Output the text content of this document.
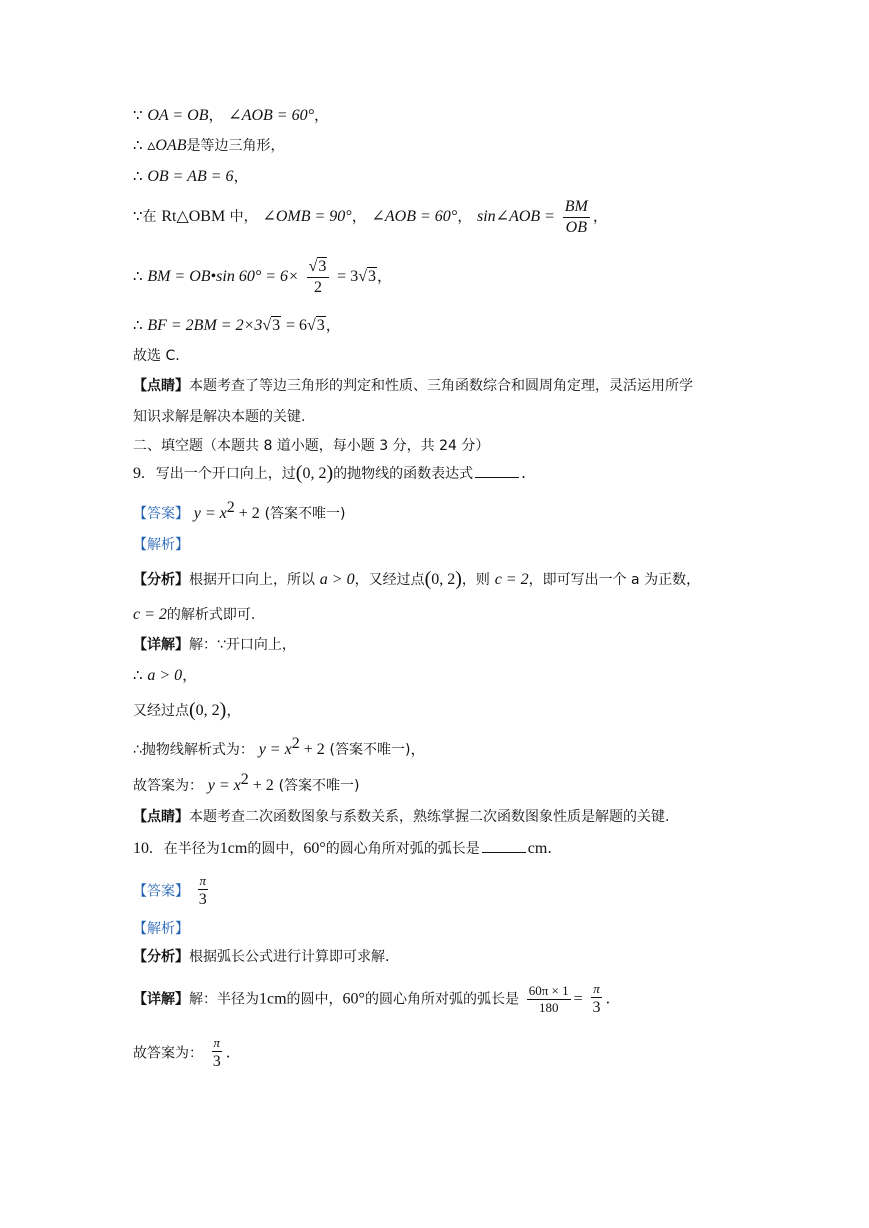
∵ OA = OB， ∠AOB = 60°，
∴ ▵OAB是等边三角形，
∴ OB = AB = 6，
∵在 Rt△OBM 中， ∠OMB = 90°， ∠AOB = 60°， sin∠AOB = $\frac{BM}{OB}$ ，
∴ BM = OB•sin $60^\circ = 6\times \frac{√3}{2} = 3√3$，
∴ BF = 2BM = 2×3√3 = 6√3，
故选 C.
【点睛】本题考查了等边三角形的判定和性质、三角函数综合和圆周角定理，灵活运用所学
知识求解是解决本题的关键.
二、填空题（本题共 8 道小题，每小题 3 分，共 24 分）
9. 写出一个开口向上，过(0, 2)的抛物线的函数表达式	.
【答案】 $y = x^2 + 2$ (答案不唯一)
【解析】
【分析】根据开口向上，所以 a > 0，又经过点(0, 2)，则 c = 2，即可写出一个 a 为正数，
c = 2的解析式即可.
【详解】解：∵开口向上，
∴ a > 0，
又经过点(0, 2)，
∴抛物线解析式为： $y = x^2 + 2$ (答案不唯一)，
故答案为： $y = x^2 + 2$ (答案不唯一)
【点睛】本题考查二次函数图象与系数关系，熟练掌握二次函数图象性质是解题的关键.
10. 在半径为1cm的圆中，60°的圆心角所对弧的弧长是	cm.
【答案】 $\frac{\pi}{3}$
【解析】
【分析】根据弧长公式进行计算即可求解.
【详解】解：半径为1cm的圆中，60°的圆心角所对弧的弧长是 $\frac{60\pi \times 1}{180} = \frac{\pi}{3}$ .
故答案为： $\frac{\pi}{3}$ .
